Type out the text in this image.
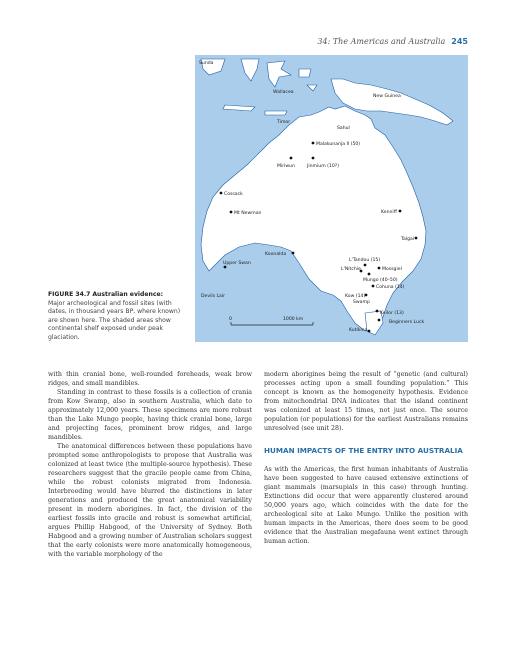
34: The Americas and Australia 245
0	1000 km
Sunda
Wallacea
New Guinea
Timor
Sahul
Malakunanja II (50)
Miriwun	Jinmium (10?)
Cossack
Mt Newman	Kenniff
Talgai
Koonalda
Upper Swan
L'Tandou (15)
L'Nitchie	Mossgiel
Mungo (40–50)
Cohuna (14)
Devils Lair	Kow (14)
Swamp
Keilor (13)
Beginners Luck
Kutikina
FIGURE 34.7 Australian evidence:
Major archeological and fossil sites (with dates, in thousand years BP, where known) are shown here. The shaded areas show continental shelf exposed under peak glaciation.

with thin cranial bone, well-rounded foreheads, weak brow ridges, and small mandibles.

Standing in contrast to these fossils is a collection of crania from Kow Swamp, also in southern Australia, which date to approximately 12,000 years. These specimens are more robust than the Lake Mungo people, having thick cranial bone, large and projecting faces, prominent brow ridges, and large mandibles.

The anatomical differences between these populations have prompted some anthropologists to propose that Australia was colonized at least twice (the multiple-source hypothesis). These researchers suggest that the gracile people came from China, while the robust colonists migrated from Indonesia. Interbreeding would have blurred the distinctions in later generations and produced the great anatomical variability present in modern aborigines. In fact, the division of the earliest fossils into gracile and robust is somewhat artificial, argues Phillip Habgood, of the University of Sydney. Both Habgood and a growing number of Australian scholars suggest that the early colonists were more anatomically homogeneous, with the variable morphology of the

modern aborigines being the result of “genetic (and cultural) processes acting upon a small founding population.” This concept is known as the homogeneity hypothesis. Evidence from mitochondrial DNA indicates that the island continent was colonized at least 15 times, not just once. The source population (or populations) for the earliest Australians remains unresolved (see unit 28).

HUMAN IMPACTS OF THE ENTRY INTO AUSTRALIA

As with the Americas, the first human inhabitants of Australia have been suggested to have caused extensive extinctions of giant mammals (marsupials in this case) through hunting. Extinctions did occur that were apparently clustered around 50,000 years ago, which coincides with the date for the archeological site at Lake Mungo. Unlike the position with human impacts in the Americas, there does seem to be good evidence that the Australian megafauna went extinct through human action.
